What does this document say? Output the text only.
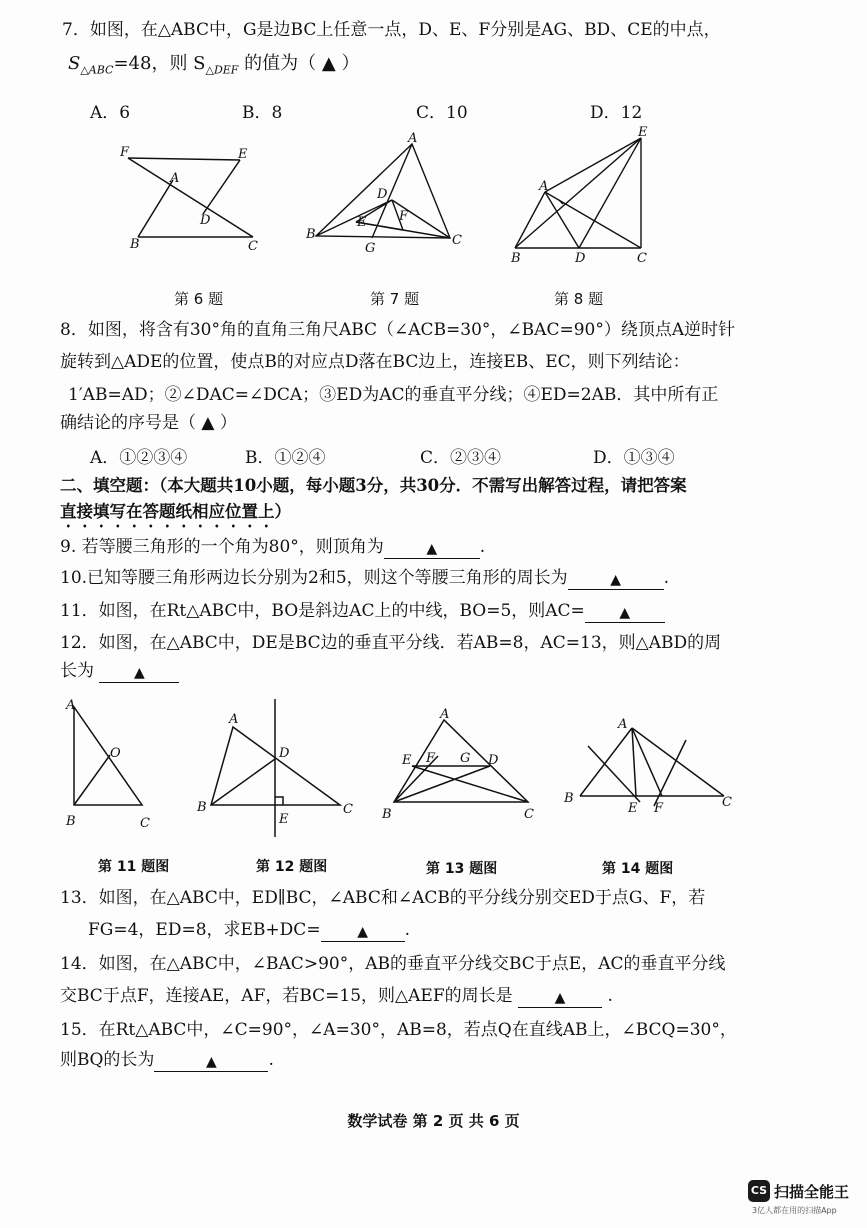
7．如图，在△ABC中，G是边BC上任意一点，D、E、F分别是AG、BD、CE的中点，
$S_{\triangle ABC}=48$，则 $S_{\triangle DEF}$ 的值为（ ▲ ）
A．6	B．8	C．10	D．12
F	E
A
D
B	C
A
D
F
E
B
G
C
E
A
B	D	C
第 6 题	第 7 题	第 8 题
8．如图，将含有30°角的直角三角尺ABC（∠ACB=30°，∠BAC=90°）绕顶点A逆时针
旋转到△ADE的位置，使点B的对应点D落在BC边上，连接EB、EC，则下列结论：
1′AB=AD；②∠DAC=∠DCA；③ED为AC的垂直平分线；④ED=2AB．其中所有正
确结论的序号是（ ▲ ）
A．①②③④	B．①②④	C．②③④	D．①③④
二、填空题：（本大题共10小题，每小题3分，共30分．不需写出解答过程，请把答案
直接填写在答题纸相应位置上）
9. 若等腰三角形的一个角为80°，则顶角为	▲	.
10.已知等腰三角形两边长分别为2和5，则这个等腰三角形的周长为	▲	.
11．如图，在Rt△ABC中，BO是斜边AC上的中线，BO=5，则AC= ▲
12．如图，在△ABC中，DE是BC边的垂直平分线．若AB=8，AC=13，则△ABD的周
长为	▲
A
O
B	C
A
D
B
E
C
A
E F G D
B	C
A
B
E F	C
第 11 题图	第 12 题图	第 13 题图	第 14 题图
13．如图，在△ABC中，ED∥BC，∠ABC和∠ACB的平分线分别交ED于点G、F，若
FG=4，ED=8，求EB+DC=	▲ .
14．如图，在△ABC中，∠BAC>90°，AB的垂直平分线交BC于点E，AC的垂直平分线
交BC于点F，连接AE，AF，若BC=15，则△AEF的周长是	▲ .
15．在Rt△ABC中，∠C=90°，∠A=30°，AB=8，若点Q在直线AB上，∠BCQ=30°，
则BQ的长为	▲	.
数学试卷 第 2 页 共 6 页
CS 扫描全能王
3亿人都在用的扫描App
